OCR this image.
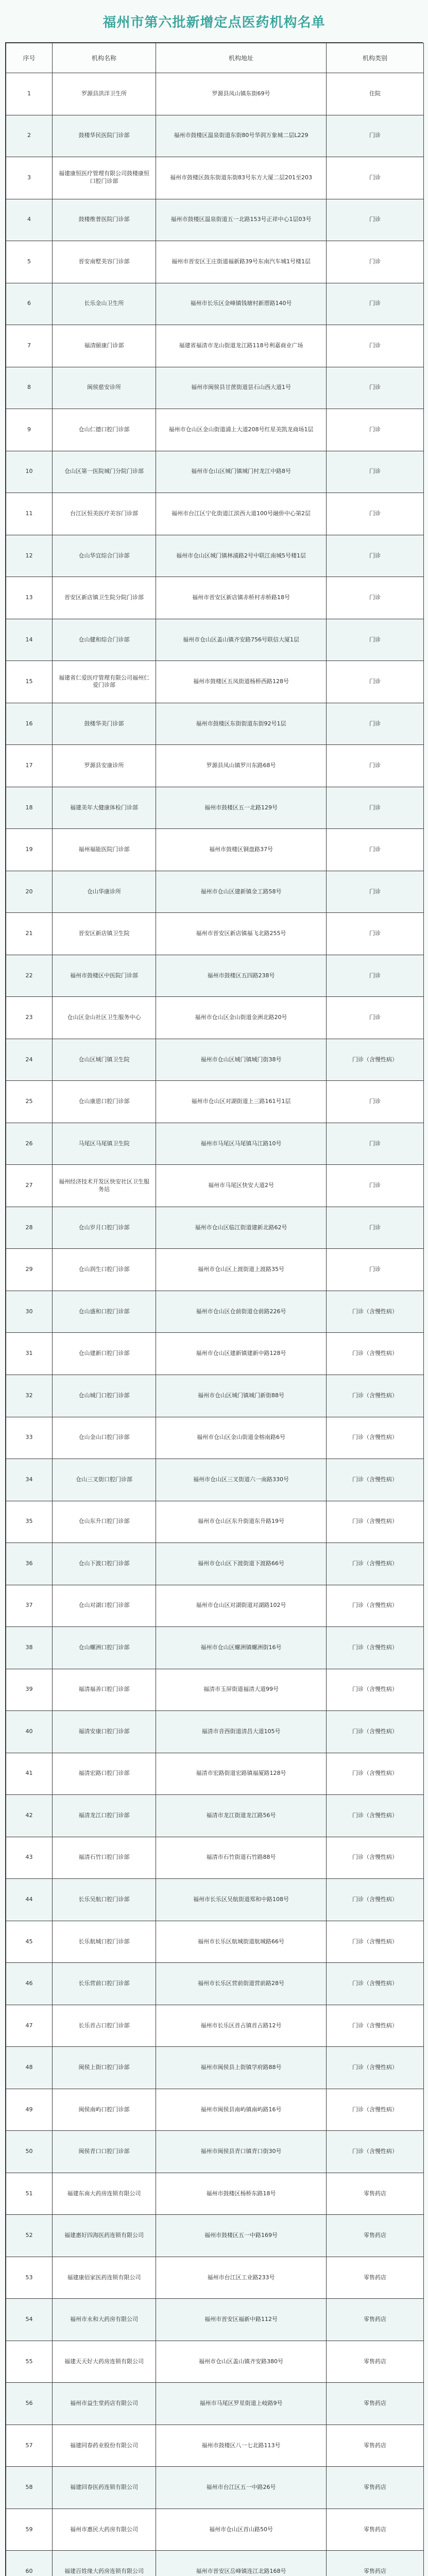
福州市第六批新增定点医药机构名单
序号	机构名称	机构地址	机构类别
1	罗源县洪洋卫生所	罗源县凤山镇东街69号	住院
2	鼓楼华民医院门诊部	福州市鼓楼区温泉街道东街80号华润万象城二层L229	门诊
3	福建康恒医疗管理有限公司鼓楼康恒口腔门诊部	福州市鼓楼区鼓东街道东街83号东方大厦二层201至203	门诊
4	鼓楼维普医院门诊部	福州市鼓楼区温泉街道五一北路153号正祥中心1层03号	门诊
5	晋安南墅美容门诊部	福州市晋安区王庄街道福新路39号东南汽车城1号楼1层	门诊
6	长乐金山卫生所	福州市长乐区金峰镇钱塘村新厝路140号	门诊
7	福清颐康门诊部	福建省福清市龙山街道龙江路118号利嘉商业广场	门诊
8	闽侯慈安诊所	福州市闽侯县甘蔗街道昙石山西大道1号	门诊
9	仓山仁德口腔门诊部	福州市仓山区金山街道浦上大道208号红星美凯龙商场1层	门诊
10	仓山区第一医院城门分院门诊部	福州市仓山区城门镇城门村龙江中路8号	门诊
11	台江区恒美医疗美容门诊部	福州市台江区宁化街道江滨西大道100号融侨中心第2层	门诊
12	仓山华宜综合门诊部	福州市仓山区城门镇林浦路2号中联江南城5号楼1层	门诊
13	晋安区新店镇卫生院分院门诊部	福州市晋安区新店镇赤桥村赤桥路18号	门诊
14	仓山健和综合门诊部	福州市仓山区盖山镇齐安路756号联信大厦1层	门诊
15	福建省仁爱医疗管理有限公司福州仁爱门诊部	福州市鼓楼区五凤街道杨桥西路128号	门诊
16	鼓楼华美门诊部	福州市鼓楼区东街街道东街92号1层	门诊
17	罗源县安康诊所	罗源县凤山镇罗川东路68号	门诊
18	福建美年大健康体检门诊部	福州市鼓楼区五一北路129号	门诊
19	福州福能医院门诊部	福州市鼓楼区铜盘路37号	门诊
20	仓山华康诊所	福州市仓山区建新镇金工路58号	门诊
21	晋安区新店镇卫生院	福州市晋安区新店镇福飞北路255号	门诊
22	福州市鼓楼区中医院门诊部	福州市鼓楼区五四路238号	门诊
23	仓山区金山社区卫生服务中心	福州市仓山区金山街道金洲北路20号	门诊
24	仓山区城门镇卫生院	福州市仓山区城门镇城门街38号	门诊（含慢性病）
25	仓山康恩口腔门诊部	福州市仓山区对湖街道上三路161号1层	门诊
26	马尾区马尾镇卫生院	福州市马尾区马尾镇马江路10号	门诊
27	福州经济技术开发区快安社区卫生服务站	福州市马尾区快安大道2号	门诊
28	仓山岁月口腔门诊部	福州市仓山区临江街道建新北路62号	门诊
29	仓山润生口腔门诊部	福州市仓山区上渡街道上渡路35号	门诊
30	仓山盛和口腔门诊部	福州市仓山区仓前街道仓前路226号	门诊（含慢性病）
31	仓山建新口腔门诊部	福州市仓山区建新镇建新中路128号	门诊（含慢性病）
32	仓山城门口腔门诊部	福州市仓山区城门镇城门新街88号	门诊（含慢性病）
33	仓山金山口腔门诊部	福州市仓山区金山街道金榕南路6号	门诊（含慢性病）
34	仓山三叉街口腔门诊部	福州市仓山区三叉街道六一南路330号	门诊（含慢性病）
35	仓山东升口腔门诊部	福州市仓山区东升街道东升路19号	门诊（含慢性病）
36	仓山下渡口腔门诊部	福州市仓山区下渡街道下渡路66号	门诊（含慢性病）
37	仓山对湖口腔门诊部	福州市仓山区对湖街道对湖路102号	门诊（含慢性病）
38	仓山螺洲口腔门诊部	福州市仓山区螺洲镇螺洲街16号	门诊（含慢性病）
39	福清福善口腔门诊部	福清市玉屏街道福清大道99号	门诊（含慢性病）
40	福清安康口腔门诊部	福清市音西街道清昌大道105号	门诊（含慢性病）
41	福清宏路口腔门诊部	福清市宏路街道宏路镇福厦路128号	门诊（含慢性病）
42	福清龙江口腔门诊部	福清市龙江街道龙江路56号	门诊（含慢性病）
43	福清石竹口腔门诊部	福清市石竹街道石竹路88号	门诊（含慢性病）
44	长乐吴航口腔门诊部	福州市长乐区吴航街道郑和中路108号	门诊（含慢性病）
45	长乐航城口腔门诊部	福州市长乐区航城街道航城路66号	门诊（含慢性病）
46	长乐营前口腔门诊部	福州市长乐区营前街道营前路28号	门诊（含慢性病）
47	长乐首占口腔门诊部	福州市长乐区首占镇首占路12号	门诊（含慢性病）
48	闽侯上街口腔门诊部	福州市闽侯县上街镇学府路88号	门诊（含慢性病）
49	闽侯南屿口腔门诊部	福州市闽侯县南屿镇南屿路16号	门诊（含慢性病）
50	闽侯青口口腔门诊部	福州市闽侯县青口镇青口街30号	门诊（含慢性病）
51	福建东南大药房连锁有限公司	福州市鼓楼区杨桥东路18号	零售药店
52	福建惠好四海医药连锁有限公司	福州市鼓楼区五一中路169号	零售药店
53	福建康佰家医药连锁有限公司	福州市台江区工业路233号	零售药店
54	福州市永和大药房有限公司	福州市晋安区福新中路112号	零售药店
55	福建天天好大药房连锁有限公司	福州市仓山区盖山镇齐安路380号	零售药店
56	福州市益生堂药店有限公司	福州市马尾区罗星街道上岐路9号	零售药店
57	福建同春药业股份有限公司	福州市鼓楼区八一七北路113号	零售药店
58	福建回春医药连锁有限公司	福州市台江区五一中路26号	零售药店
59	福州市惠民大药房有限公司	福州市仓山区首山路50号	零售药店
60	福建百姓缘大药房连锁有限公司	福州市晋安区岳峰镇连江北路168号	零售药店
